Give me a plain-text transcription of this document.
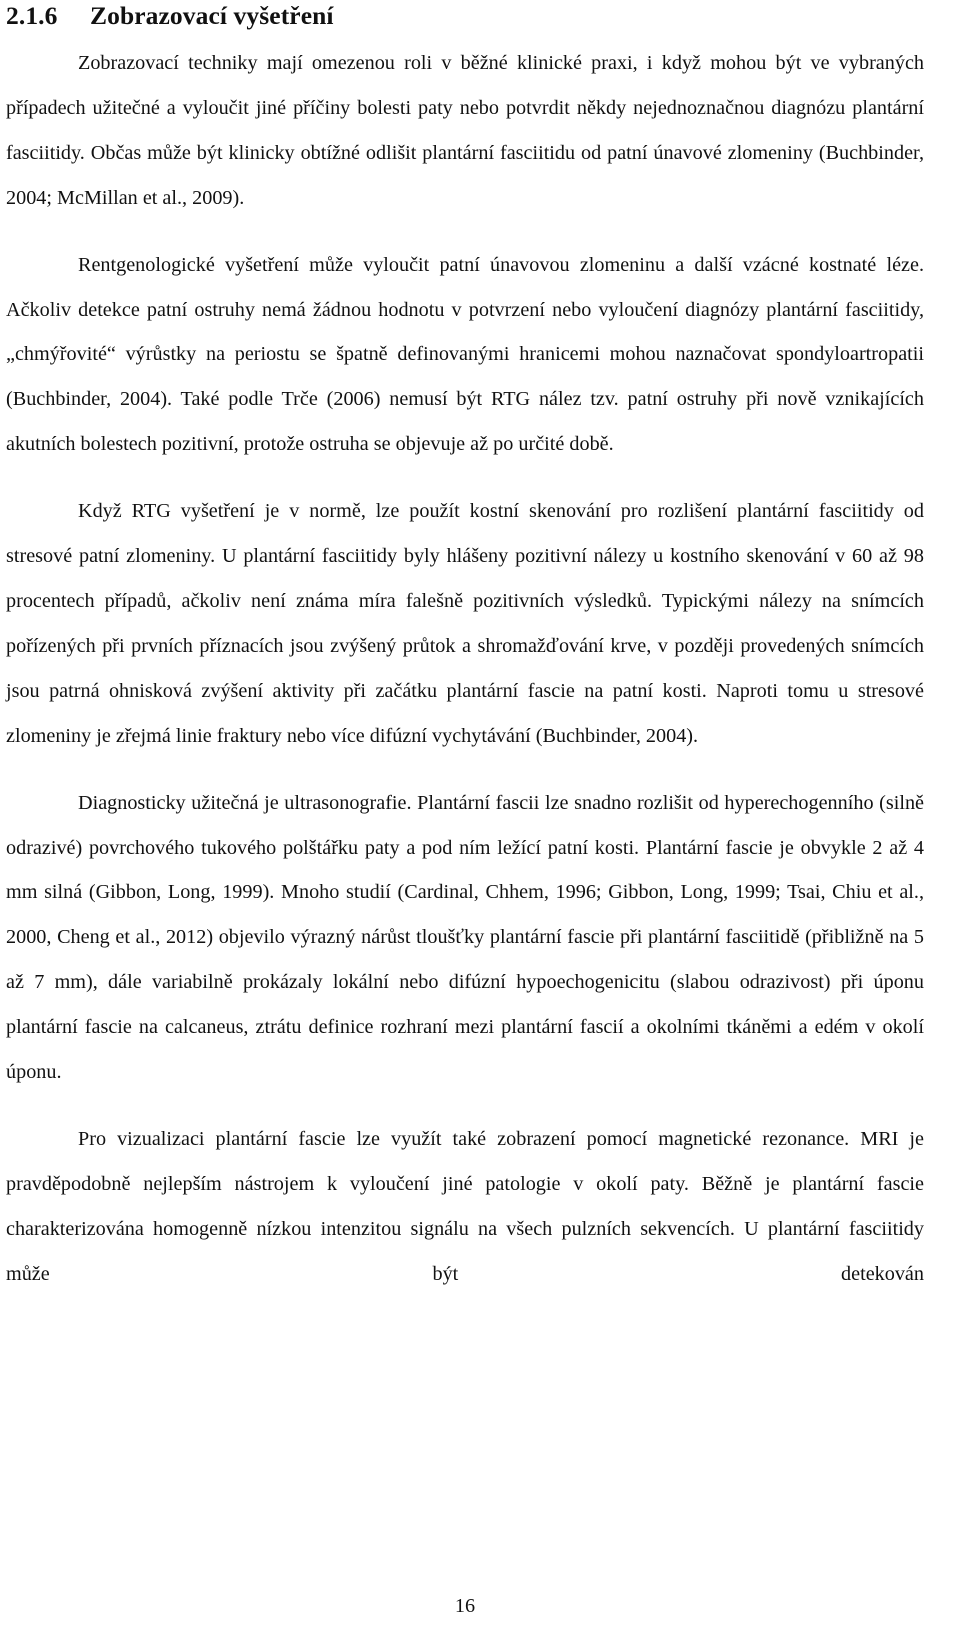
2.1.6 Zobrazovací vyšetření

Zobrazovací techniky mají omezenou roli v běžné klinické praxi, i když mohou být ve vybraných případech užitečné a vyloučit jiné příčiny bolesti paty nebo potvrdit někdy nejednoznačnou diagnózu plantární fasciitidy. Občas může být klinicky obtížné odlišit plantární fasciitidu od patní únavové zlomeniny (Buchbinder, 2004; McMillan et al., 2009).

Rentgenologické vyšetření může vyloučit patní únavovou zlomeninu a další vzácné kostnaté léze. Ačkoliv detekce patní ostruhy nemá žádnou hodnotu v potvrzení nebo vyloučení diagnózy plantární fasciitidy, „chmýřovité“ výrůstky na periostu se špatně definovanými hranicemi mohou naznačovat spondyloartropatii (Buchbinder, 2004). Také podle Trče (2006) nemusí být RTG nález tzv. patní ostruhy při nově vznikajících akutních bolestech pozitivní, protože ostruha se objevuje až po určité době.

Když RTG vyšetření je v normě, lze použít kostní skenování pro rozlišení plantární fasciitidy od stresové patní zlomeniny. U plantární fasciitidy byly hlášeny pozitivní nálezy u kostního skenování v 60 až 98 procentech případů, ačkoliv není známa míra falešně pozitivních výsledků. Typickými nálezy na snímcích pořízených při prvních příznacích jsou zvýšený průtok a shromažďování krve, v později provedených snímcích jsou patrná ohnisková zvýšení aktivity při začátku plantární fascie na patní kosti. Naproti tomu u stresové zlomeniny je zřejmá linie fraktury nebo více difúzní vychytávání (Buchbinder, 2004).

Diagnosticky užitečná je ultrasonografie. Plantární fascii lze snadno rozlišit od hyperechogenního (silně odrazivé) povrchového tukového polštářku paty a pod ním ležící patní kosti. Plantární fascie je obvykle 2 až 4 mm silná (Gibbon, Long, 1999). Mnoho studií (Cardinal, Chhem, 1996; Gibbon, Long, 1999; Tsai, Chiu et al., 2000, Cheng et al., 2012) objevilo výrazný nárůst tloušťky plantární fascie při plantární fasciitidě (přibližně na 5 až 7 mm), dále variabilně prokázaly lokální nebo difúzní hypoechogenicitu (slabou odrazivost) při úponu plantární fascie na calcaneus, ztrátu definice rozhraní mezi plantární fascií a okolními tkáněmi a edém v okolí úponu.

Pro vizualizaci plantární fascie lze využít také zobrazení pomocí magnetické rezonance. MRI je pravděpodobně nejlepším nástrojem k vyloučení jiné patologie v okolí paty. Běžně je plantární fascie charakterizována homogenně nízkou intenzitou signálu na všech pulzních sekvencích. U plantární fasciitidy může být detekován

16
